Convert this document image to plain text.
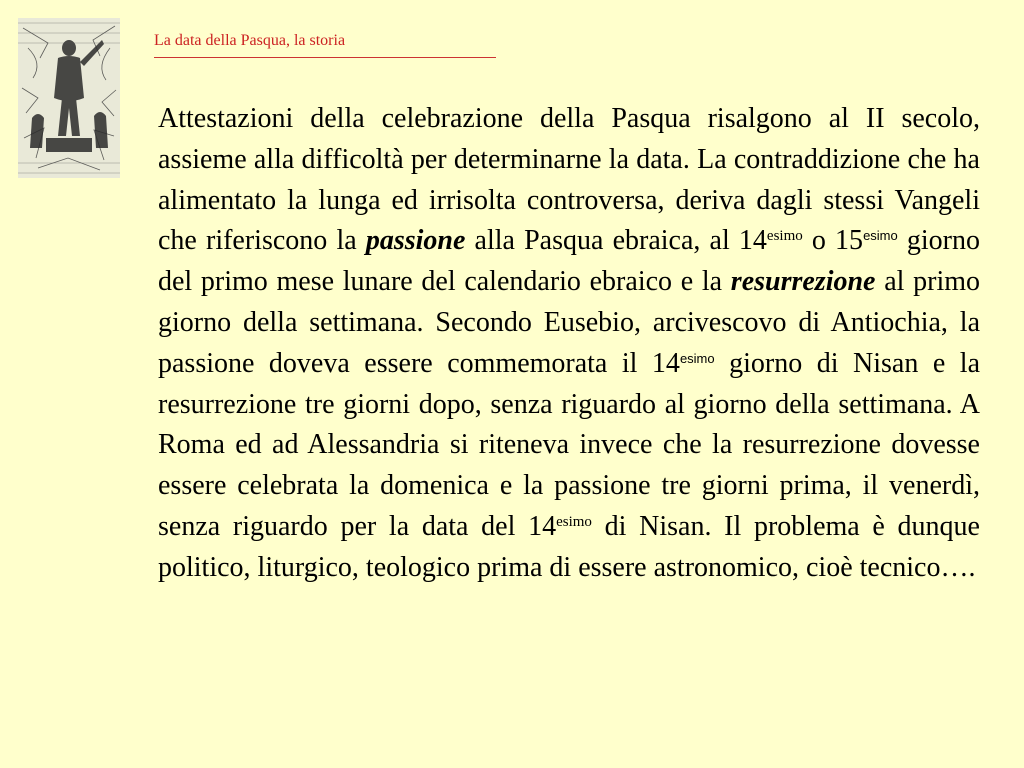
La data della Pasqua, la storia
Attestazioni della celebrazione della Pasqua risalgono al II secolo, assieme alla difficoltà per determinarne la data. La contraddizione che ha alimentato la lunga ed irrisolta controversa, deriva dagli stessi Vangeli che riferiscono la passione alla Pasqua ebraica, al $14^{esimo}$ o $15^{esimo}$ giorno del primo mese lunare del calendario ebraico e la resurrezione al primo giorno della settimana. Secondo Eusebio, arcivescovo di Antiochia, la passione doveva essere commemorata il $14^{esimo}$ giorno di Nisan e la resurrezione tre giorni dopo, senza riguardo al giorno della settimana. A Roma ed ad Alessandria si riteneva invece che la resurrezione dovesse essere celebrata la domenica e la passione tre giorni prima, il venerdì, senza riguardo per la data del $14^{esimo}$ di Nisan. Il problema è dunque politico, liturgico, teologico prima di essere astronomico, cioè tecnico….
